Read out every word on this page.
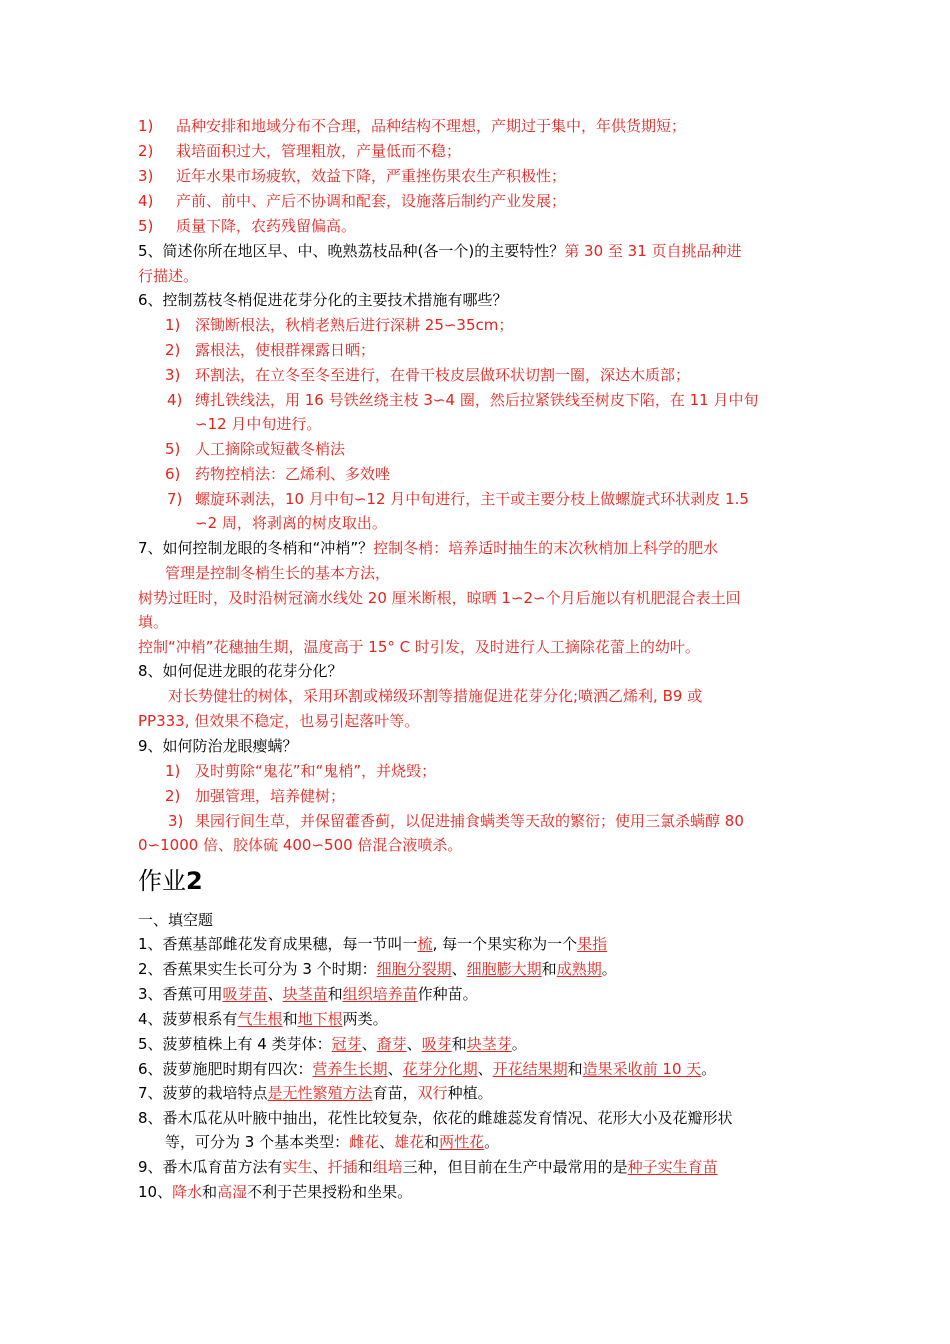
1) 品种安排和地域分布不合理，品种结构不理想，产期过于集中，年供货期短；
2) 栽培面积过大，管理粗放，产量低而不稳；
3) 近年水果市场疲软，效益下降，严重挫伤果农生产积极性；
4) 产前、前中、产后不协调和配套，设施落后制约产业发展；
5) 质量下降，农药残留偏高。
5、简述你所在地区早、中、晚熟荔枝品种(各一个)的主要特性？第 30 至 31 页自挑品种进
行描述。
6、控制荔枝冬梢促进花芽分化的主要技术措施有哪些？
1) 深锄断根法，秋梢老熟后进行深耕 25∽35cm；
2) 露根法，使根群裸露日晒；
3) 环割法，在立冬至冬至进行，在骨干枝皮层做环状切割一圈，深达木质部；
4) 缚扎铁线法，用 16 号铁丝绕主枝 3∽4 圈，然后拉紧铁线至树皮下陷，在 11 月中旬
∽12 月中旬进行。
5) 人工摘除或短截冬梢法
6) 药物控梢法：乙烯利、多效唑
7) 螺旋环剥法，10 月中旬∽12 月中旬进行，主干或主要分枝上做螺旋式环状剥皮 1.5
∽2 周，将剥离的树皮取出。
7、如何控制龙眼的冬梢和“冲梢”？控制冬梢：培养适时抽生的末次秋梢加上科学的肥水
管理是控制冬梢生长的基本方法，
树势过旺时，及时沿树冠滴水线处 20 厘米断根，晾晒 1∽2∽个月后施以有机肥混合表土回
填。
控制“冲梢”花穗抽生期，温度高于 15° C 时引发，及时进行人工摘除花蕾上的幼叶。
8、如何促进龙眼的花芽分化？
对长势健壮的树体，采用环割或梯级环割等措施促进花芽分化;喷洒乙烯利, B9 或
PP333, 但效果不稳定，也易引起落叶等。
9、如何防治龙眼瘿螨？
1) 及时剪除“鬼花”和“鬼梢”，并烧毁；
2) 加强管理，培养健树；
3) 果园行间生草，并保留藿香蓟，以促进捕食螨类等天敌的繁衍；使用三氯杀螨醇 80
0∽1000 倍、胶体硫 400∽500 倍混合液喷杀。
作业2
一、填空题
1、香蕉基部雌花发育成果穗，每一节叫一梳, 每一个果实称为一个果指
2、香蕉果实生长可分为 3 个时期：细胞分裂期、细胞膨大期和成熟期。
3、香蕉可用吸芽苗、块茎苗和组织培养苗作种苗。
4、菠萝根系有气生根和地下根两类。
5、菠萝植株上有 4 类芽体：冠芽、裔芽、吸芽和块茎芽。
6、菠萝施肥时期有四次：营养生长期、花芽分化期、开花结果期和造果采收前 10 天。
7、菠萝的栽培特点是无性繁殖方法育苗，双行种植。
8、番木瓜花从叶腋中抽出，花性比较复杂，依花的雌雄蕊发育情况、花形大小及花瓣形状
等，可分为 3 个基本类型：雌花、雄花和两性花。
9、番木瓜育苗方法有实生、扦插和组培三种，但目前在生产中最常用的是种子实生育苗
10、降水和高湿不利于芒果授粉和坐果。
